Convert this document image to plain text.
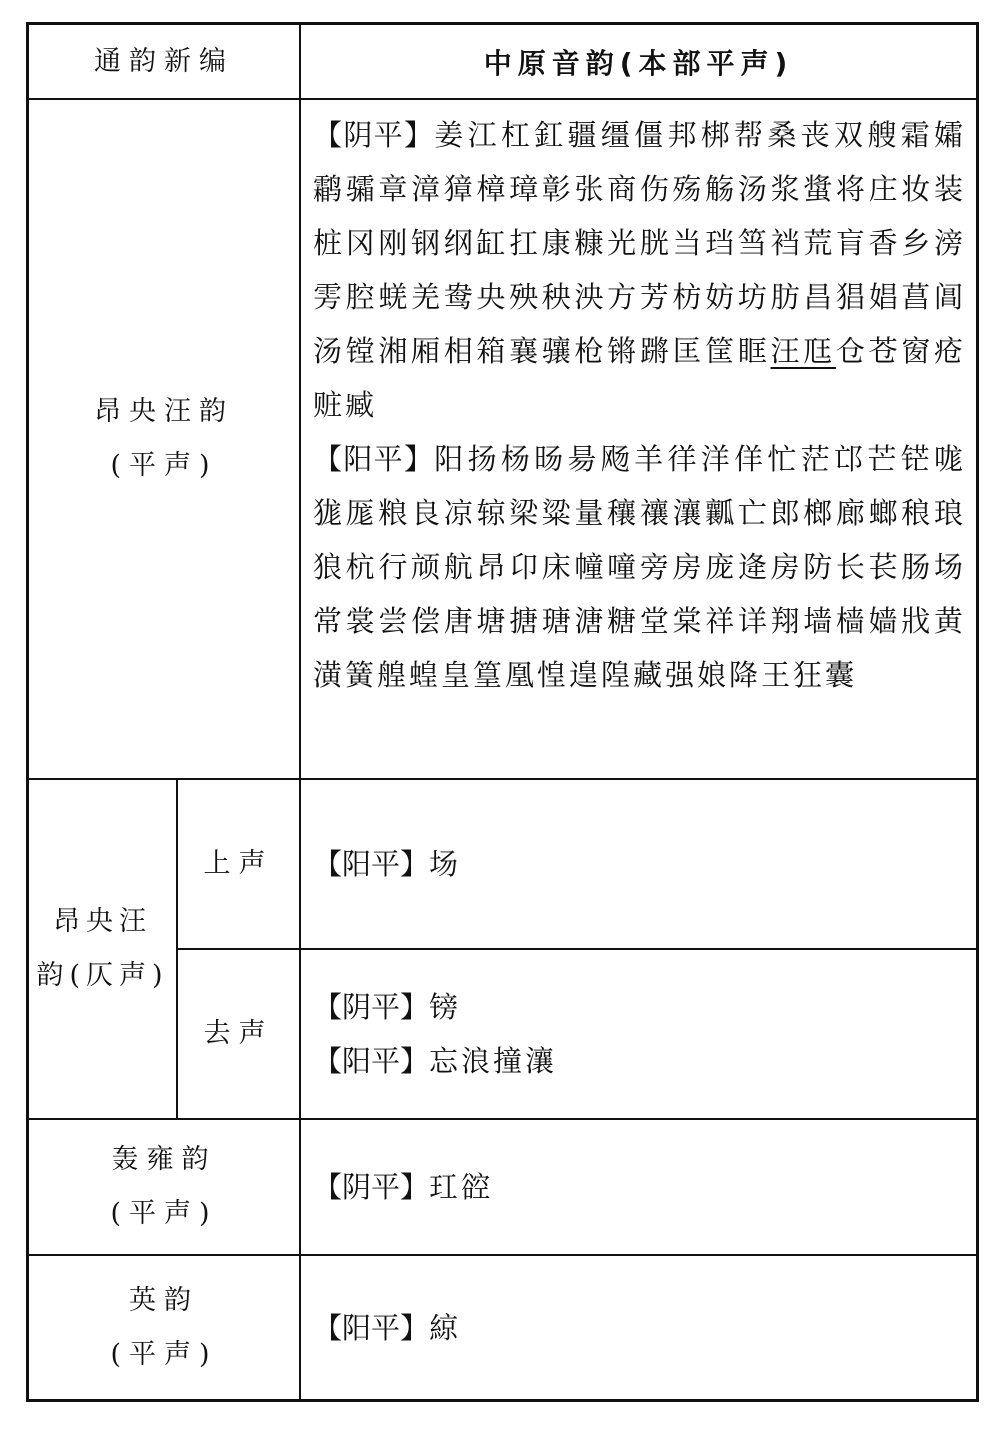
通韵新编	中原音韵(本部平声)
昂央汪韵
(平声)
【阴平】姜江杠釭疆缰僵邦梆帮桑丧双艘霜孀鹴骦章漳獐樟璋彰张商伤殇觞汤浆螀将庄妆装桩冈刚钢纲缸扛康糠光胱当珰筜裆荒肓香乡滂雱腔蜣羌鸯央殃秧泱方芳枋妨坊肪昌猖娼菖阊汤镗湘厢相箱襄骧枪锵蹡匡筐眶汪尫仓苍窗疮赃臧
【阳平】阳扬杨旸昜飏羊徉洋佯忙茫邙芒铓哤狵厖粮良凉辌梁粱量穰禳瀼瓤亡郎榔廊螂稂琅狼杭行颃航昂卬床幢噇旁房庞逄房防长苌肠场常裳尝偿唐塘搪瑭溏糖堂棠祥详翔墙樯嫱戕黄潢簧艎蝗皇篁凰惶遑隍藏强娘降王狂囊
昂央汪
韵(仄声)
上声 【阳平】场
去声
【阴平】镑
【阳平】忘浪撞瀼
轰雍韵
(平声)
【阴平】玒谾
英韵
(平声)
【阳平】綡
